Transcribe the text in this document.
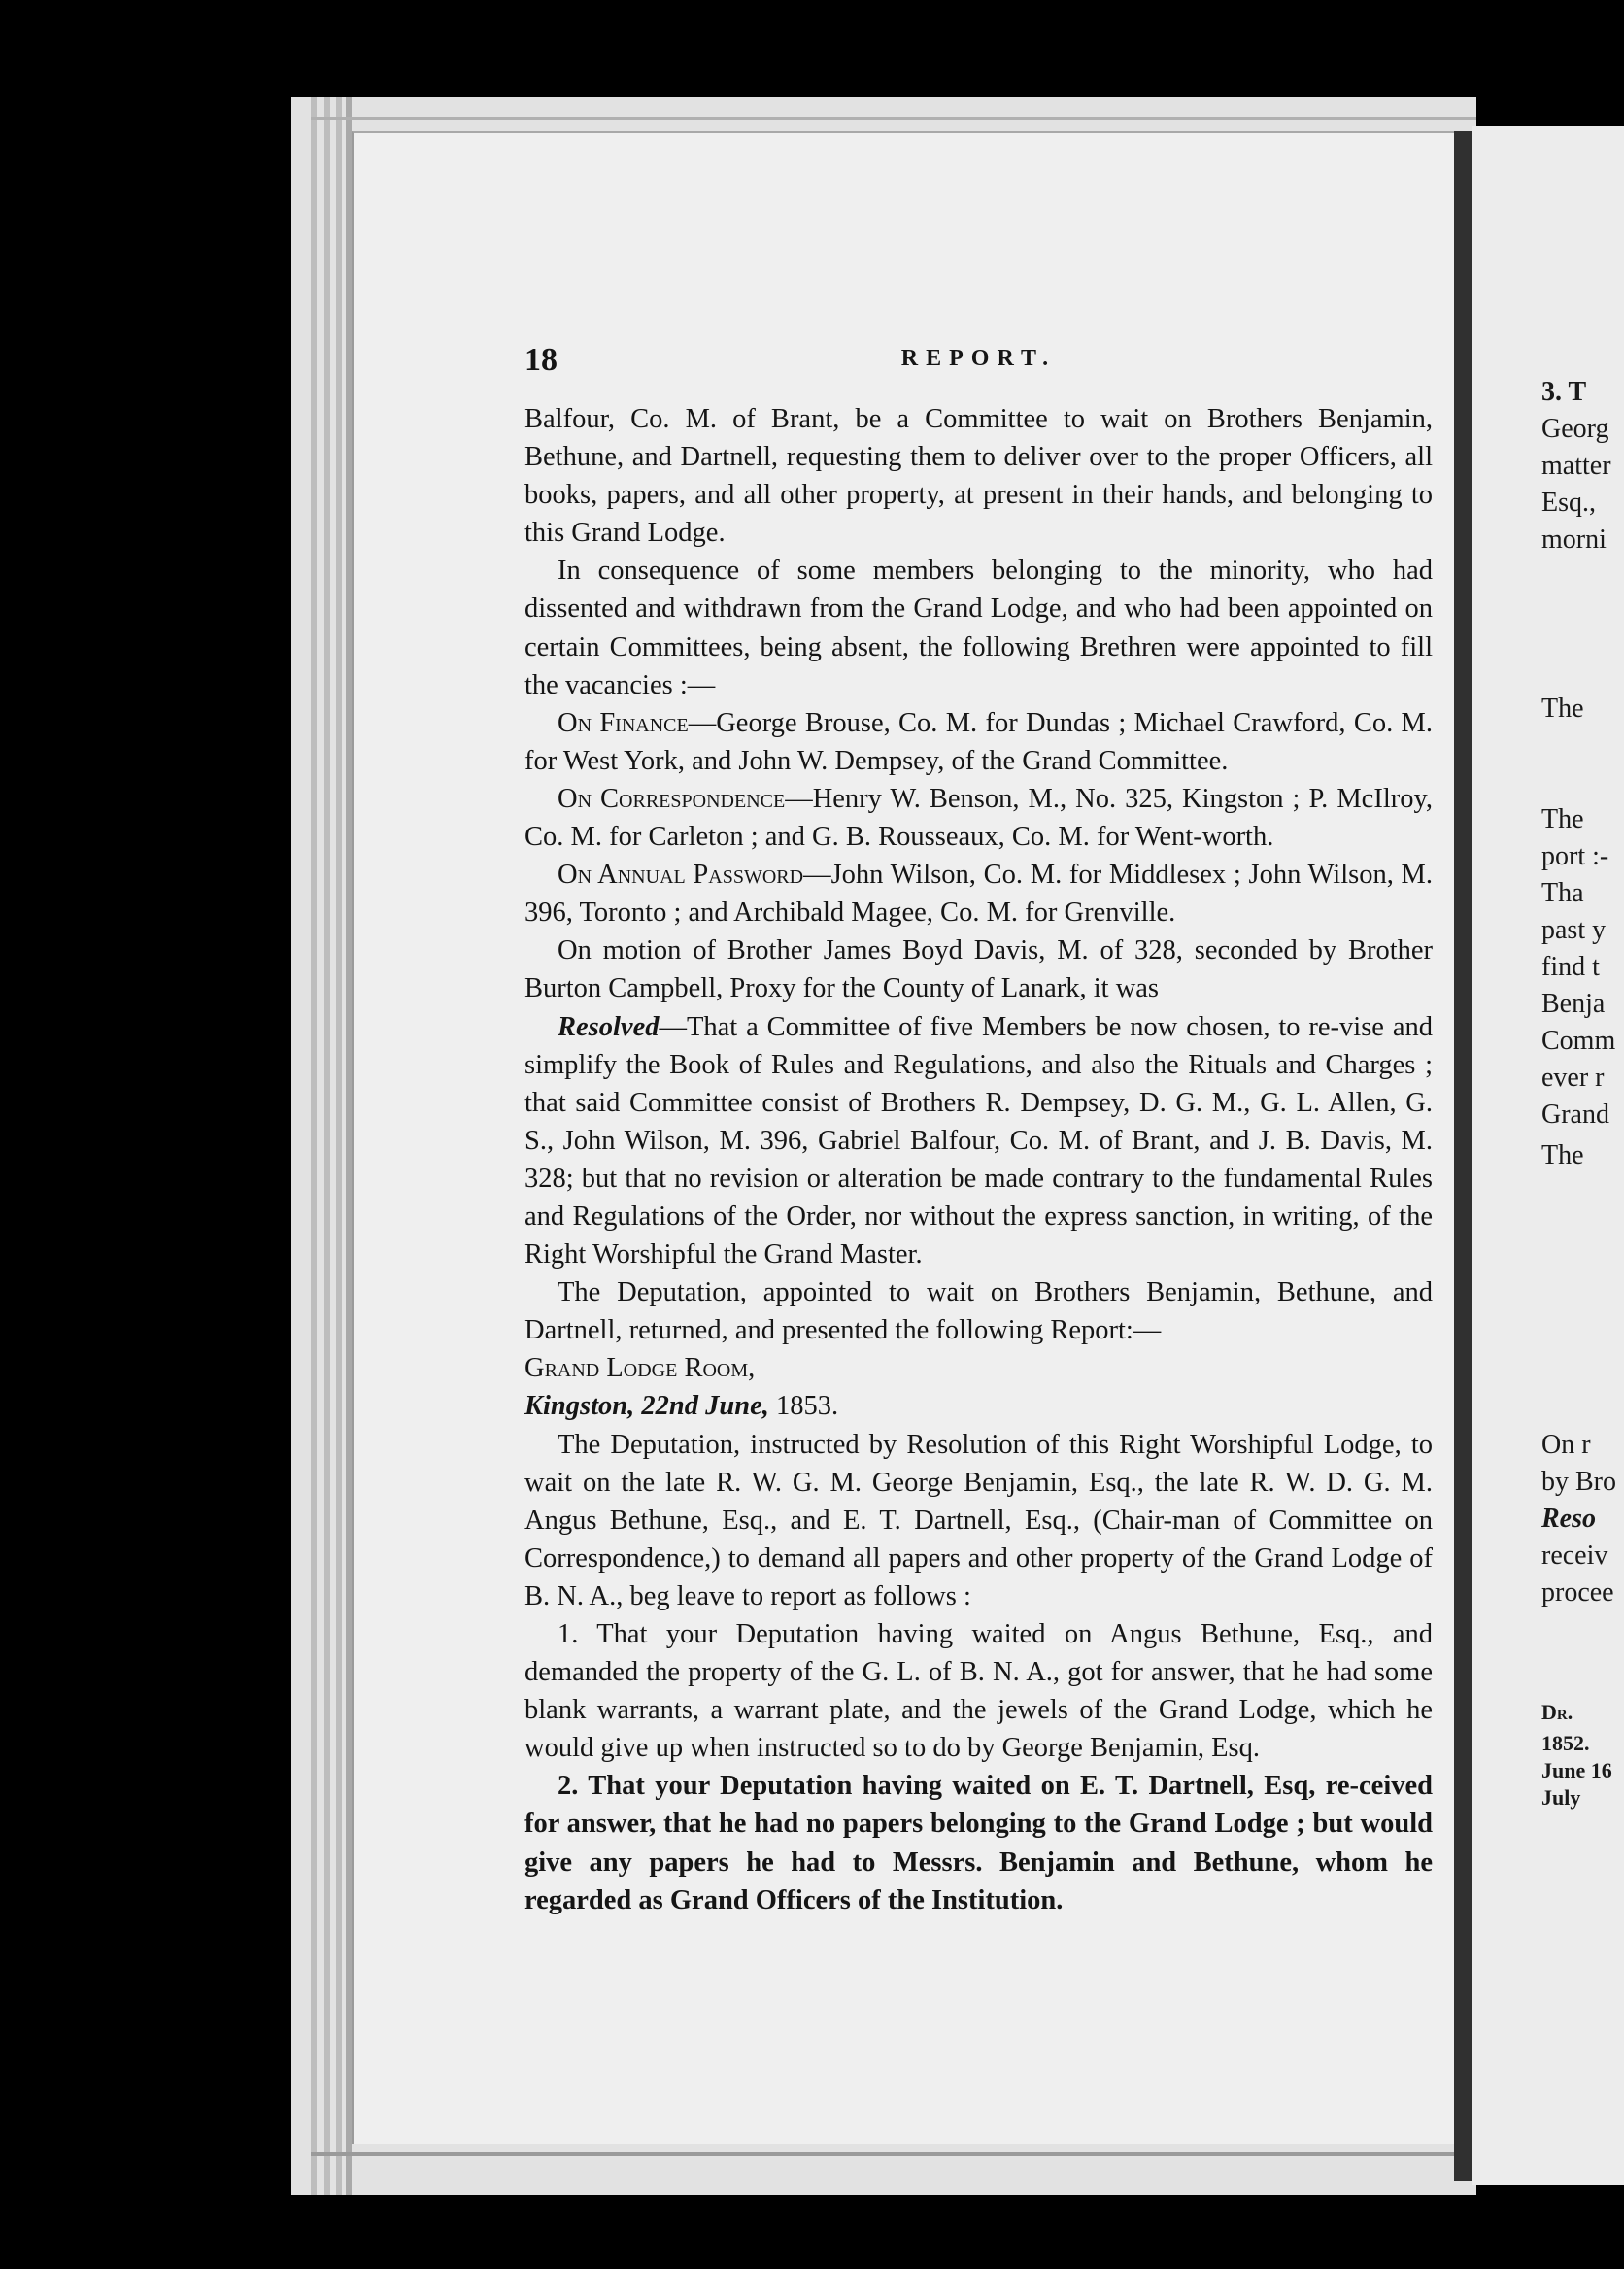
3. T
Georg
matter
Esq.,
morni
The
The
port :-
Tha
past y
find t
Benja
Comm
ever r
Grand
The
On r
by Bro
Reso
receiv
procee
Dr.
1852.
June 16
July
18	REPORT.

Balfour, Co. M. of Brant, be a Committee to wait on Brothers Benjamin, Bethune, and Dartnell, requesting them to deliver over to the proper Officers, all books, papers, and all other property, at present in their hands, and belonging to this Grand Lodge.

In consequence of some members belonging to the minority, who had dissented and withdrawn from the Grand Lodge, and who had been appointed on certain Committees, being absent, the following Brethren were appointed to fill the vacancies :—

On Finance—George Brouse, Co. M. for Dundas ; Michael Crawford, Co. M. for West York, and John W. Dempsey, of the Grand Committee.

On Correspondence—Henry W. Benson, M., No. 325, Kingston ; P. McIlroy, Co. M. for Carleton ; and G. B. Rousseaux, Co. M. for Went-worth.

On Annual Password—John Wilson, Co. M. for Middlesex ; John Wilson, M. 396, Toronto ; and Archibald Magee, Co. M. for Grenville.

On motion of Brother James Boyd Davis, M. of 328, seconded by Brother Burton Campbell, Proxy for the County of Lanark, it was

Resolved—That a Committee of five Members be now chosen, to re-vise and simplify the Book of Rules and Regulations, and also the Rituals and Charges ; that said Committee consist of Brothers R. Dempsey, D. G. M., G. L. Allen, G. S., John Wilson, M. 396, Gabriel Balfour, Co. M. of Brant, and J. B. Davis, M. 328; but that no revision or alteration be made contrary to the fundamental Rules and Regulations of the Order, nor without the express sanction, in writing, of the Right Worshipful the Grand Master.

The Deputation, appointed to wait on Brothers Benjamin, Bethune, and Dartnell, returned, and presented the following Report:—

Grand Lodge Room,
Kingston, 22nd June, 1853.

The Deputation, instructed by Resolution of this Right Worshipful Lodge, to wait on the late R. W. G. M. George Benjamin, Esq., the late R. W. D. G. M. Angus Bethune, Esq., and E. T. Dartnell, Esq., (Chair-man of Committee on Correspondence,) to demand all papers and other property of the Grand Lodge of B. N. A., beg leave to report as follows :

1. That your Deputation having waited on Angus Bethune, Esq., and demanded the property of the G. L. of B. N. A., got for answer, that he had some blank warrants, a warrant plate, and the jewels of the Grand Lodge, which he would give up when instructed so to do by George Benjamin, Esq.

2. That your Deputation having waited on E. T. Dartnell, Esq, re-ceived for answer, that he had no papers belonging to the Grand Lodge ; but would give any papers he had to Messrs. Benjamin and Bethune, whom he regarded as Grand Officers of the Institution.
